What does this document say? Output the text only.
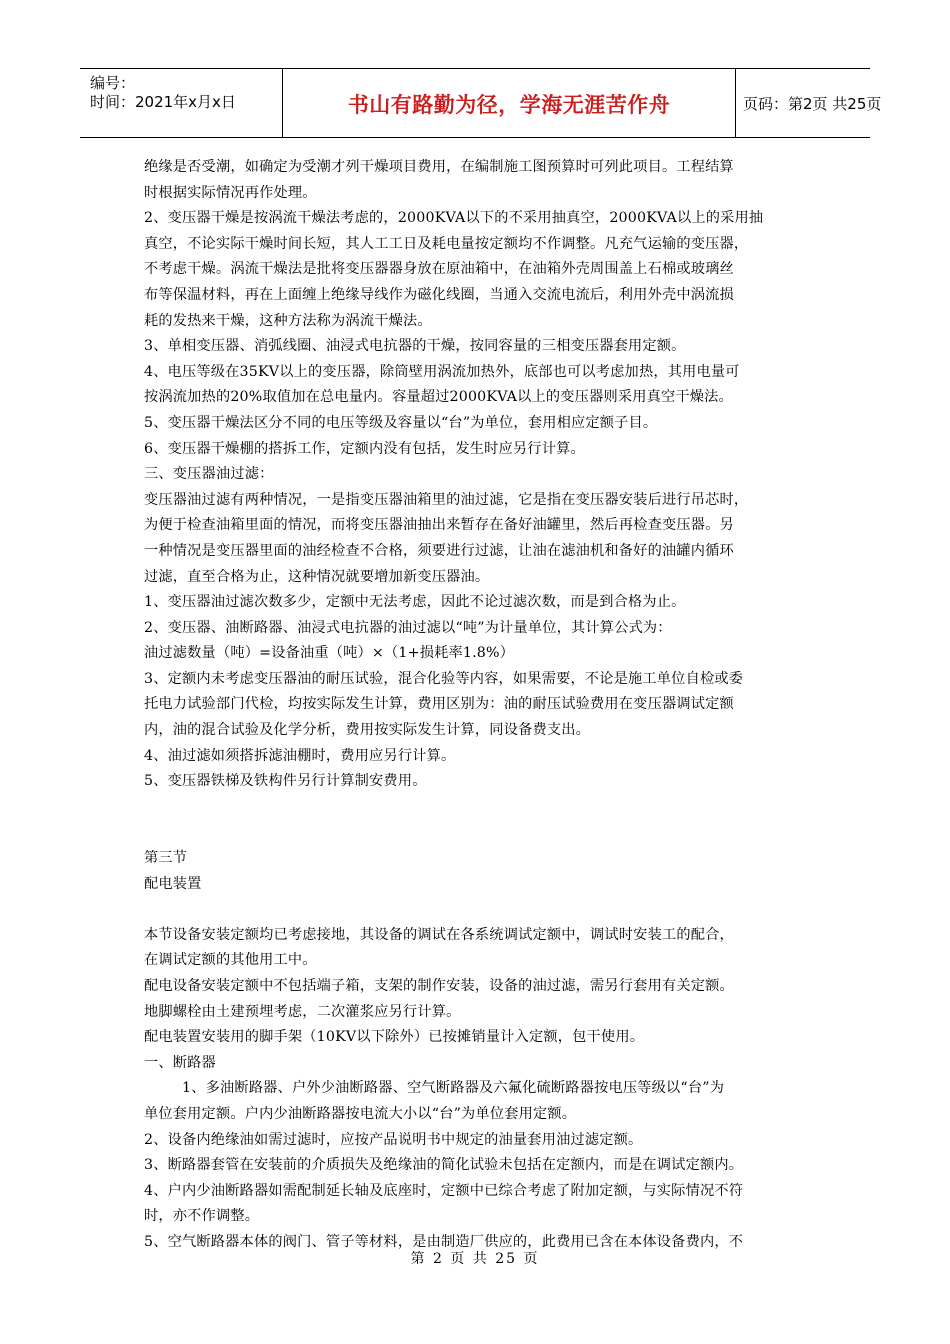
编号：
时间：2021年x月x日	书山有路勤为径，学海无涯苦作舟	页码：第2页 共25页
绝缘是否受潮，如确定为受潮才列干燥项目费用，在编制施工图预算时可列此项目。工程结算
时根据实际情况再作处理。
2、变压器干燥是按涡流干燥法考虑的，2000KVA以下的不采用抽真空，2000KVA以上的采用抽
真空，不论实际干燥时间长短，其人工工日及耗电量按定额均不作调整。凡充气运输的变压器，
不考虑干燥。涡流干燥法是批将变压器器身放在原油箱中，在油箱外壳周围盖上石棉或玻璃丝
布等保温材料，再在上面缠上绝缘导线作为磁化线圈，当通入交流电流后，利用外壳中涡流损
耗的发热来干燥，这种方法称为涡流干燥法。
3、单相变压器、消弧线圈、油浸式电抗器的干燥，按同容量的三相变压器套用定额。
4、电压等级在35KV以上的变压器，除筒壁用涡流加热外，底部也可以考虑加热，其用电量可
按涡流加热的20%取值加在总电量内。容量超过2000KVA以上的变压器则采用真空干燥法。
5、变压器干燥法区分不同的电压等级及容量以“台”为单位，套用相应定额子目。
6、变压器干燥棚的搭拆工作，定额内没有包括，发生时应另行计算。
三、变压器油过滤：
变压器油过滤有两种情况，一是指变压器油箱里的油过滤，它是指在变压器安装后进行吊芯时，
为便于检查油箱里面的情况，而将变压器油抽出来暂存在备好油罐里，然后再检查变压器。另
一种情况是变压器里面的油经检查不合格，须要进行过滤，让油在滤油机和备好的油罐内循环
过滤，直至合格为止，这种情况就要增加新变压器油。
1、变压器油过滤次数多少，定额中无法考虑，因此不论过滤次数，而是到合格为止。
2、变压器、油断路器、油浸式电抗器的油过滤以“吨”为计量单位，其计算公式为：
油过滤数量（吨）=设备油重（吨）×（1+损耗率1.8%）
3、定额内未考虑变压器油的耐压试验，混合化验等内容，如果需要，不论是施工单位自检或委
托电力试验部门代检，均按实际发生计算，费用区别为：油的耐压试验费用在变压器调试定额
内，油的混合试验及化学分析，费用按实际发生计算，同设备费支出。
4、油过滤如须搭拆滤油棚时，费用应另行计算。
5、变压器铁梯及铁构件另行计算制安费用。
第三节
配电装置
本节设备安装定额均已考虑接地，其设备的调试在各系统调试定额中，调试时安装工的配合，
在调试定额的其他用工中。
配电设备安装定额中不包括端子箱，支架的制作安装，设备的油过滤，需另行套用有关定额。
地脚螺栓由土建预埋考虑，二次灌浆应另行计算。
配电装置安装用的脚手架（10KV以下除外）已按摊销量计入定额，包干使用。
一、断路器
1、多油断路器、户外少油断路器、空气断路器及六氟化硫断路器按电压等级以“台”为
单位套用定额。户内少油断路器按电流大小以“台”为单位套用定额。
2、设备内绝缘油如需过滤时，应按产品说明书中规定的油量套用油过滤定额。
3、断路器套管在安装前的介质损失及绝缘油的简化试验未包括在定额内，而是在调试定额内。
4、户内少油断路器如需配制延长轴及底座时，定额中已综合考虑了附加定额，与实际情况不符
时，亦不作调整。
5、空气断路器本体的阀门、管子等材料，是由制造厂供应的，此费用已含在本体设备费内，不
第 2 页 共 25 页
